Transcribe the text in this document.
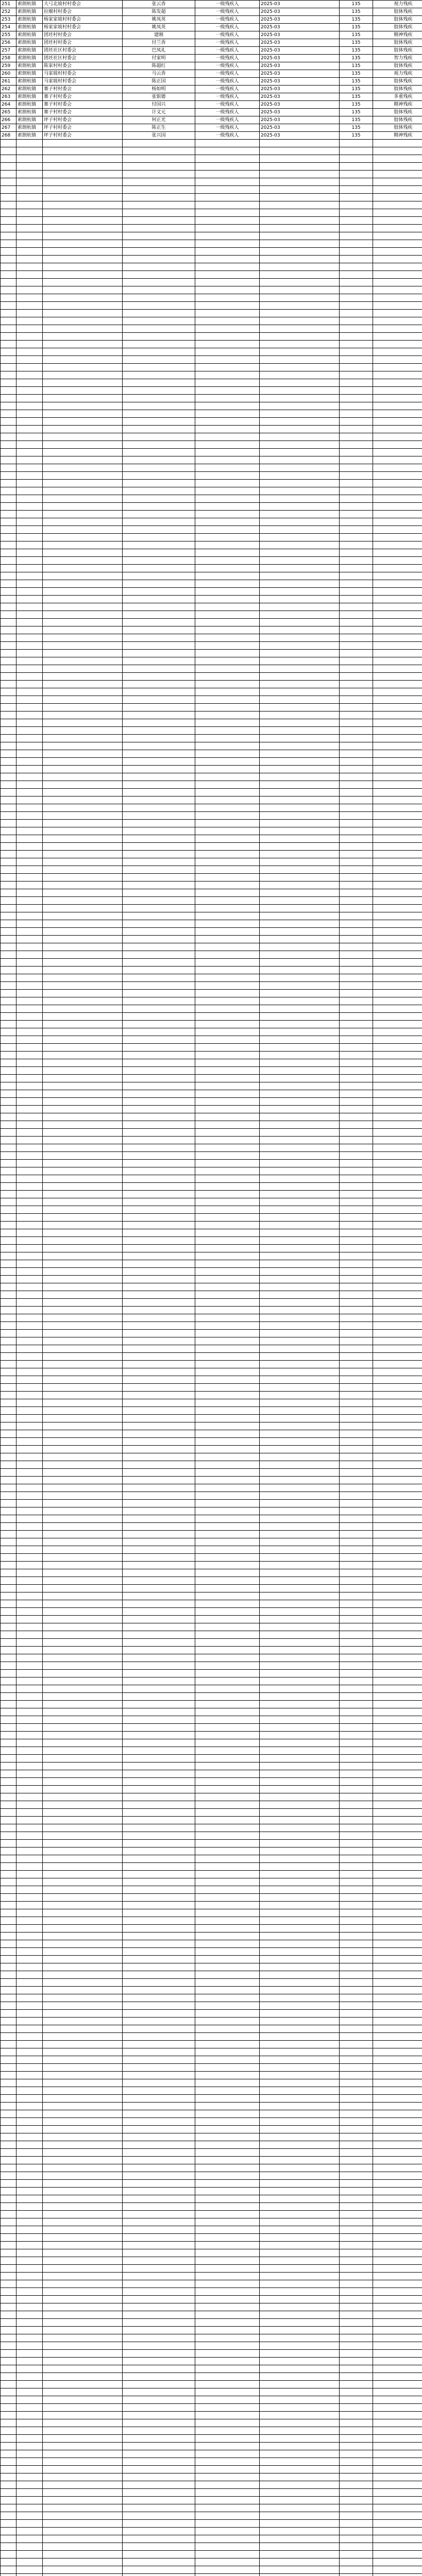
251	索朗杭镇	大弓北坡村村委会	张云香	一级残疾人	2025-03	135	视力残疾
252	索朗杭镇	拉堰村村委会	陈发超	一级残疾人	2025-03	135	肢体残疾
253	索朗杭镇	杨家家坡村村委会	姚凤英	一级残疾人	2025-03	135	肢体残疾
254	索朗杭镇	杨家家坡村村委会	姚凤英	一级残疾人	2025-03	135	肢体残疾
255	索朗杭镇	团坯村村委会	建刚	一级残疾人	2025-03	135	精神残疾
256	索朗杭镇	团坯村村委会	付兰香	一级残疾人	2025-03	135	肢体残疾
257	索朗杭镇	团坯社区村委会	巴凤礼	一级残疾人	2025-03	135	肢体残疾
258	索朗杭镇	团坯社区村委会	付家明	一级残疾人	2025-03	135	智力残疾
259	索朗杭镇	陈家村村委会	陈超红	一级残疾人	2025-03	135	肢体残疾
260	索朗杭镇	马家坡村村委会	马云香	一级残疾人	2025-03	135	视力残疾
261	索朗杭镇	马家坡村村委会	陈正国	一级残疾人	2025-03	135	肢体残疾
262	索朗杭镇	寨子村村委会	杨如明	一级残疾人	2025-03	135	肢体残疾
263	索朗杭镇	寨子村村委会	张银德	一级残疾人	2025-03	135	多重残疾
264	索朗杭镇	寨子村村委会	付国兴	一级残疾人	2025-03	135	精神残疾
265	索朗杭镇	寨子村村委会	计文元	一级残疾人	2025-03	135	肢体残疾
266	索朗杭镇	坪子村村委会	何正光	一级残疾人	2025-03	135	肢体残疾
267	索朗杭镇	坪子村村委会	陈正生	一级残疾人	2025-03	135	肢体残疾
268	索朗杭镇	坪子村村委会	张兴国	一级残疾人	2025-03	135	精神残疾
